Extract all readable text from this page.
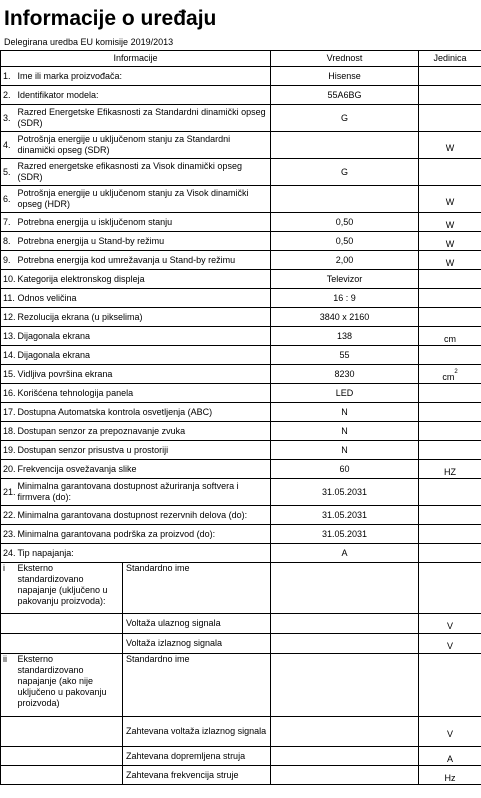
Informacije o uređaju
Delegirana uredba EU komisije 2019/2013
Informacije			Vrednost	Jedinica
1.	Ime ili marka proizvođača:		Hisense	
2.	Identifikator modela:		55A6BG	
3.	Razred Energetske Efikasnosti za Standardni dinamički opseg (SDR)		G	
4.	Potrošnja energije u uključenom stanju za Standardni dinamički opseg (SDR)			W
5.	Razred energetske efikasnosti za Visok dinamički opseg (SDR)		G	
6.	Potrošnja energije u uključenom stanju za Visok dinamički opseg (HDR)			W
7.	Potrebna energija u isključenom stanju		0,50	W
8.	Potrebna energija u Stand-by režimu		0,50	W
9.	Potrebna energija kod umrežavanja u Stand-by režimu		2,00	W
10.	Kategorija elektronskog displeja		Televizor	
11.	Odnos veličina		16 : 9	
12.	Rezolucija ekrana (u pikselima)		3840 x 2160	
13.	Dijagonala ekrana		138	cm
14.	Dijagonala ekrana		55	
15.	Vidljiva površina ekrana		8230	$cm^2$
16.	Korišćena tehnologija panela		LED	
17.	Dostupna Automatska kontrola osvetljenja (ABC)		N	
18.	Dostupan senzor za prepoznavanje zvuka		N	
19.	Dostupan senzor prisustva u prostoriji		N	
20.	Frekvencija osvežavanja slike		60	HZ
21.	Minimalna garantovana dostupnost ažuriranja softvera i firmvera (do):		31.05.2031	
22.	Minimalna garantovana dostupnost rezervnih delova (do):		31.05.2031	
23.	Minimalna garantovana podrška za proizvod (do):		31.05.2031	
24.	Tip napajanja:		A	
i	Eksterno standardizovano napajanje (uključeno u pakovanju proizvoda):	Standardno ime		
		Voltaža ulaznog signala		V
		Voltaža izlaznog signala		V
ii	Eksterno standardizovano napajanje (ako nije uključeno u pakovanju proizvoda)	Standardno ime		
		Zahtevana voltaža izlaznog signala		V
		Zahtevana dopremljena struja		A
		Zahtevana frekvencija struje		Hz
